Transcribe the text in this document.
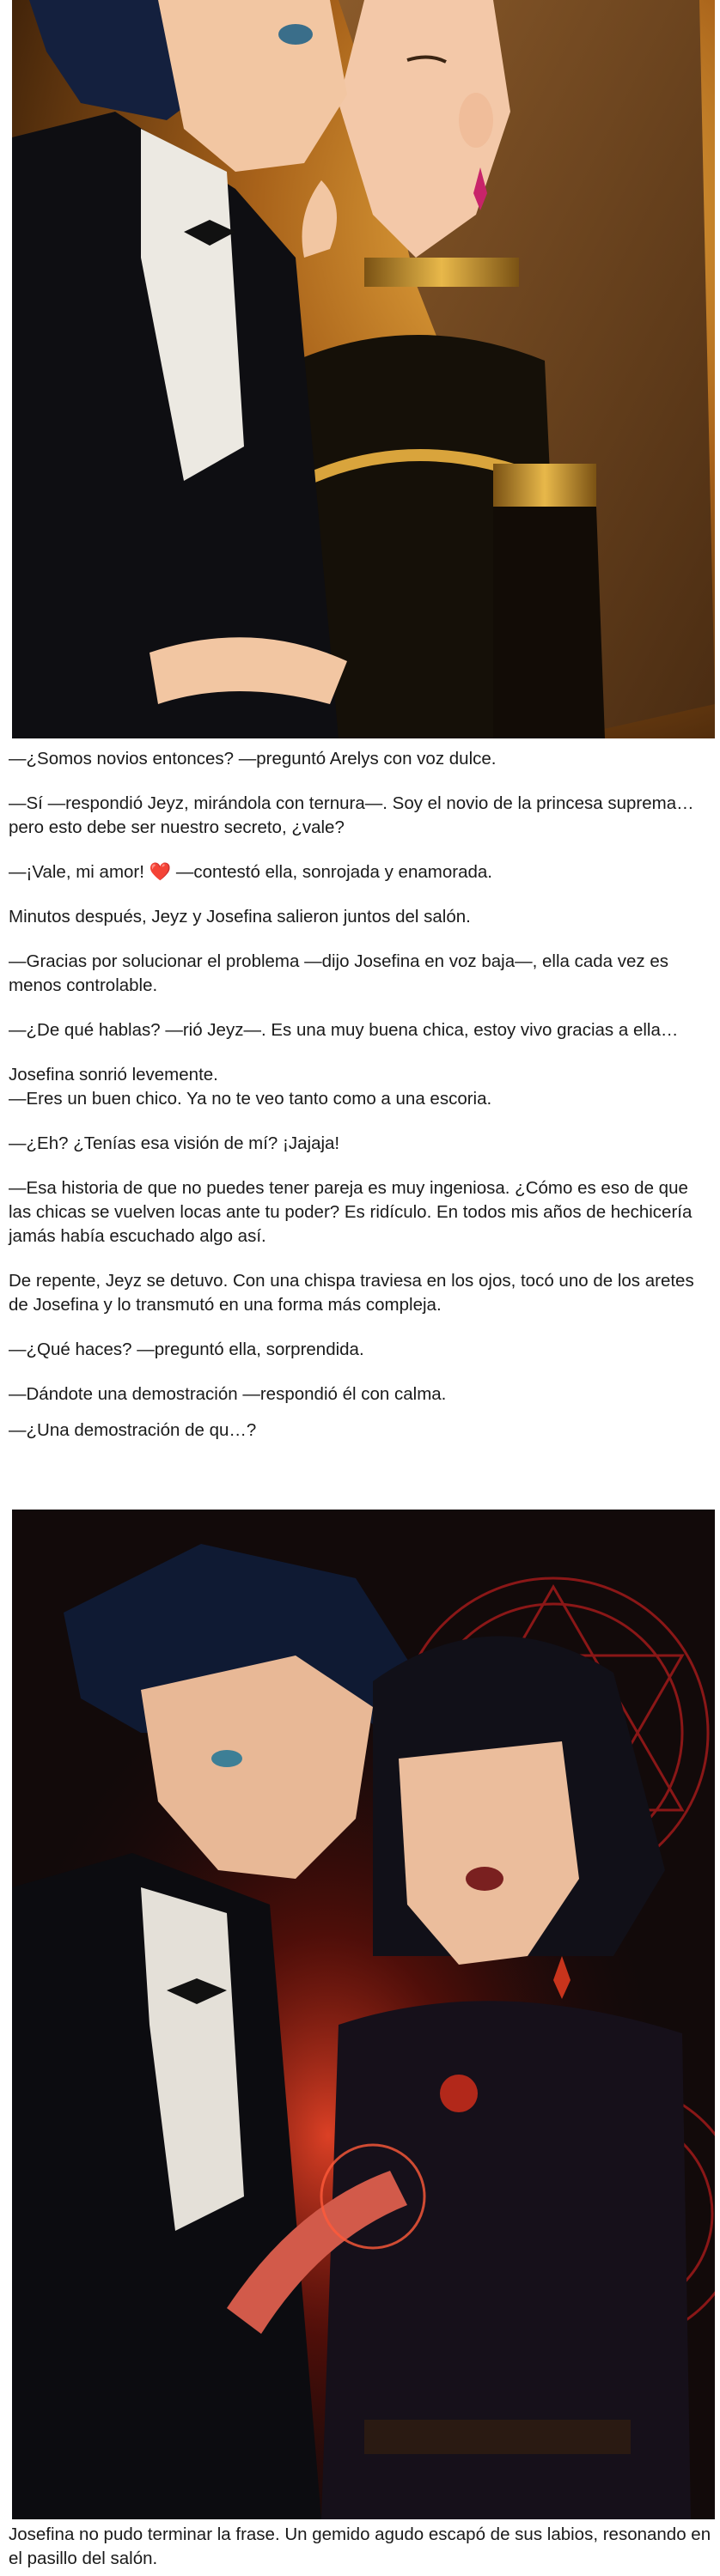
—¿Somos novios entonces? —preguntó Arelys con voz dulce.

—Sí —respondió Jeyz, mirándola con ternura—. Soy el novio de la princesa suprema… pero esto debe ser nuestro secreto, ¿vale?

—¡Vale, mi amor! ❤️ —contestó ella, sonrojada y enamorada.

Minutos después, Jeyz y Josefina salieron juntos del salón.

—Gracias por solucionar el problema —dijo Josefina en voz baja—, ella cada vez es menos controlable.

—¿De qué hablas? —rió Jeyz—. Es una muy buena chica, estoy vivo gracias a ella…

Josefina sonrió levemente.

—Eres un buen chico. Ya no te veo tanto como a una escoria.

—¿Eh? ¿Tenías esa visión de mí? ¡Jajaja!

—Esa historia de que no puedes tener pareja es muy ingeniosa. ¿Cómo es eso de que las chicas se vuelven locas ante tu poder? Es ridículo. En todos mis años de hechicería jamás había escuchado algo así.

De repente, Jeyz se detuvo. Con una chispa traviesa en los ojos, tocó uno de los aretes de Josefina y lo transmutó en una forma más compleja.

—¿Qué haces? —preguntó ella, sorprendida.

—Dándote una demostración —respondió él con calma.

—¿Una demostración de qu…?

Josefina no pudo terminar la frase. Un gemido agudo escapó de sus labios, resonando en el pasillo del salón.
